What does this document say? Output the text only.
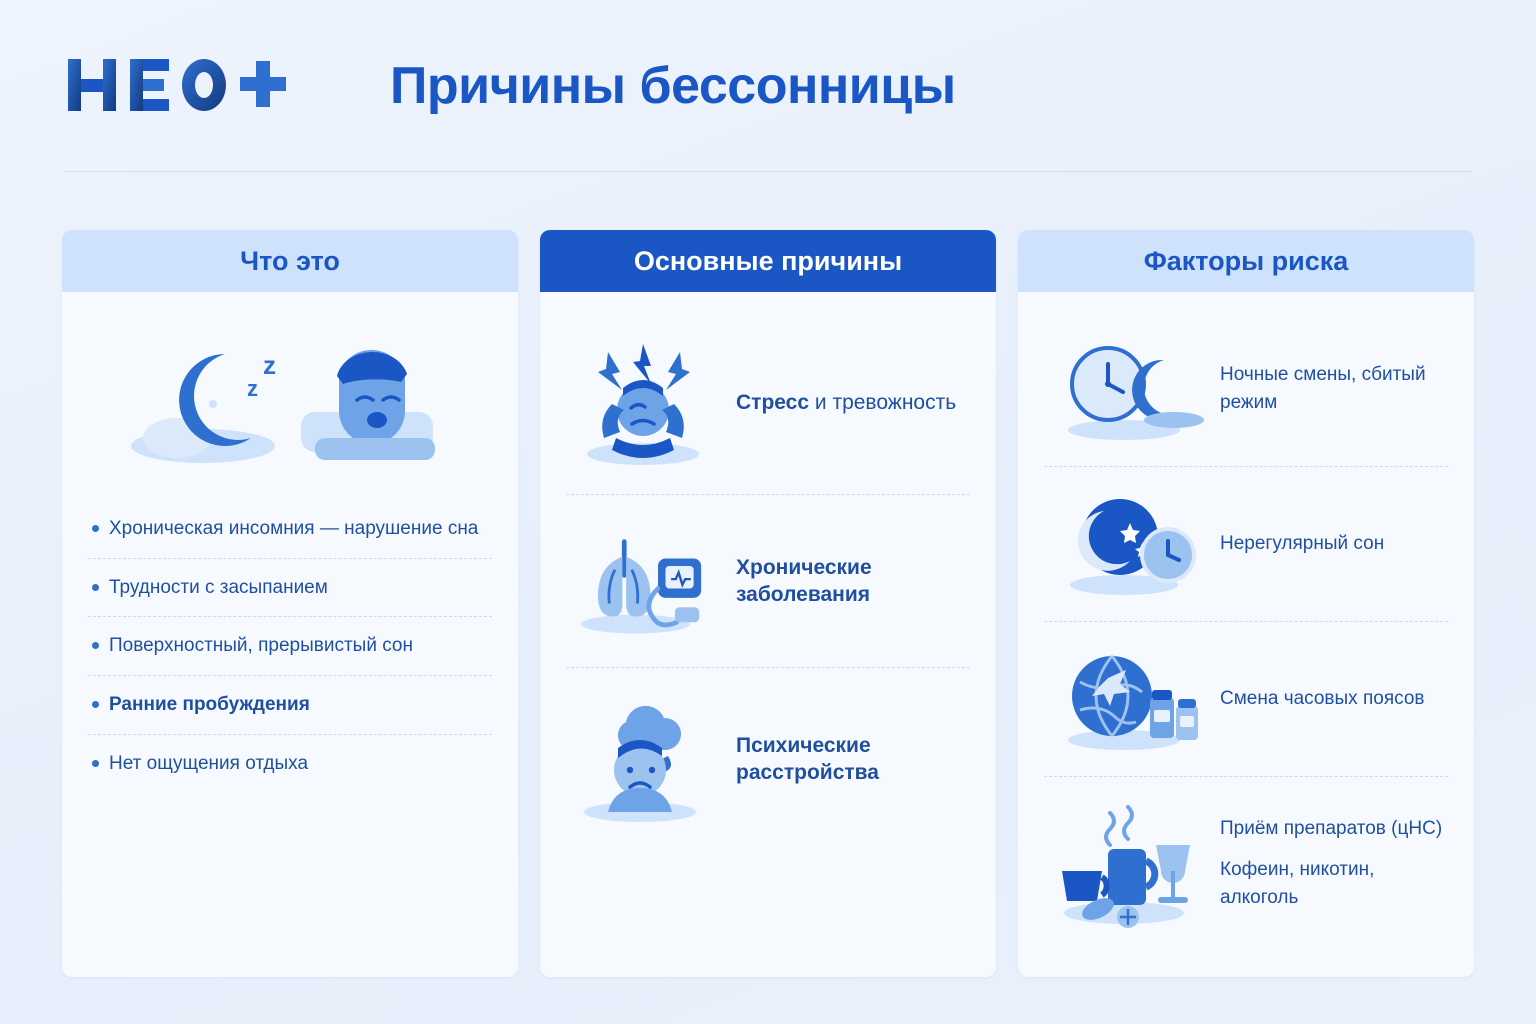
Причины бессонницы
Что это
z
z
Хроническая инсомния — нарушение сна
Трудности с засыпанием
Поверхностный, прерывистый сон
Ранние пробуждения
Нет ощущения отдыха
Основные причины
Стресс и тревожность
Хронические заболевания
Психические расстройства
Факторы риска
Ночные смены, сбитый режим
Нерегулярный сон
Смена часовых поясов
Приём препаратов (цНС)
Кофеин, никотин, алкоголь
